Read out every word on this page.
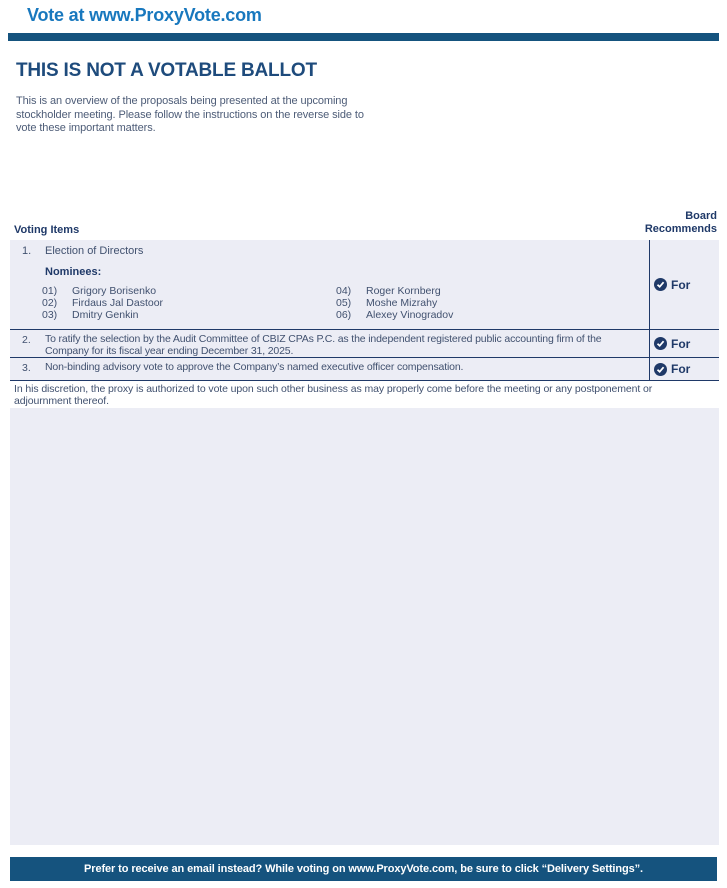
Vote at www.ProxyVote.com
THIS IS NOT A VOTABLE BALLOT
This is an overview of the proposals being presented at the upcoming stockholder meeting. Please follow the instructions on the reverse side to vote these important matters.
Voting Items
Board
Recommends
1. Election of Directors
Nominees:
01)	Grigory Borisenko
02)	Firdaus Jal Dastoor
03)	Dmitry Genkin
04)	Roger Kornberg
05)	Moshe Mizrahy
06)	Alexey Vinogradov
For
2. To ratify the selection by the Audit Committee of CBIZ CPAs P.C. as the independent registered public accounting firm of the Company for its fiscal year ending December 31, 2025.	For
3. Non-binding advisory vote to approve the Company’s named executive officer compensation.	For
In his discretion, the proxy is authorized to vote upon such other business as may properly come before the meeting or any postponement or adjournment thereof.
Prefer to receive an email instead? While voting on www.ProxyVote.com, be sure to click “Delivery Settings”.
